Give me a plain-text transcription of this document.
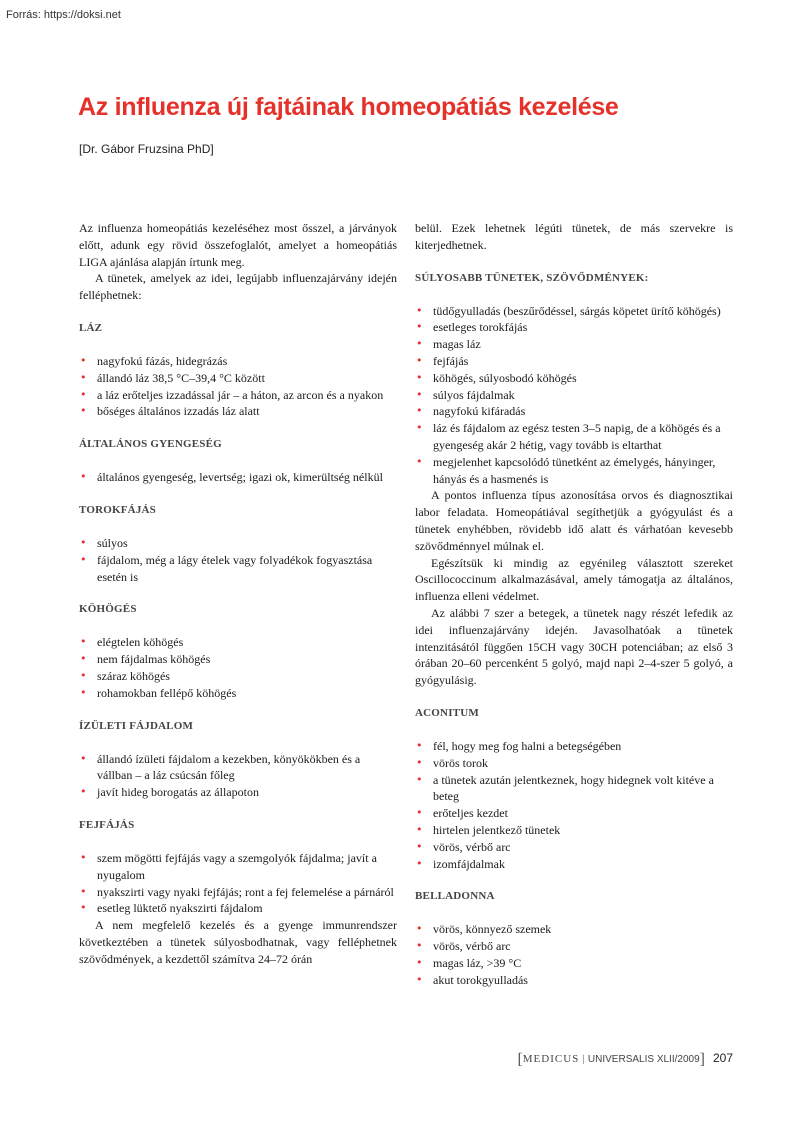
Forrás: https://doksi.net
Az influenza új fajtáinak homeopátiás kezelése
[Dr. Gábor Fruzsina PhD]

Az influenza homeopátiás kezeléséhez most ősszel, a járványok előtt, adunk egy rövid összefoglalót, amelyet a homeopátiás LIGA ajánlása alapján írtunk meg.

A tünetek, amelyek az idei, legújabb influenzajárvány idején felléphetnek:

LÁZ
• nagyfokú fázás, hidegrázás
• állandó láz 38,5 °C–39,4 °C között
• a láz erőteljes izzadással jár – a háton, az arcon és a nyakon
• bőséges általános izzadás láz alatt
ÁLTALÁNOS GYENGESÉG
• általános gyengeség, levertség; igazi ok, kimerültség nélkül
TOROKFÁJÁS
• súlyos
• fájdalom, még a lágy ételek vagy folyadékok fogyasztása esetén is
KÖHÖGÉS
• elégtelen köhögés
• nem fájdalmas köhögés
• száraz köhögés
• rohamokban fellépő köhögés
ÍZÜLETI FÁJDALOM
• állandó ízületi fájdalom a kezekben, könyökökben és a vállban – a láz csúcsán főleg
• javít hideg borogatás az állapoton
FEJFÁJÁS
• szem mögötti fejfájás vagy a szemgolyók fájdalma; javít a nyugalom
• nyakszirti vagy nyaki fejfájás; ront a fej felemelése a párnáról
• esetleg lüktető nyakszirti fájdalom

A nem megfelelő kezelés és a gyenge immunrendszer következtében a tünetek súlyosbodhatnak, vagy felléphetnek szövődmények, a kezdettől számítva 24–72 órán

belül. Ezek lehetnek légúti tünetek, de más szervekre is kiterjedhetnek.

SÚLYOSABB TÜNETEK, SZÖVŐDMÉNYEK:
• tüdőgyulladás (beszűrődéssel, sárgás köpetet ürítő köhögés)
• esetleges torokfájás
• magas láz
• fejfájás
• köhögés, súlyosbodó köhögés
• súlyos fájdalmak
• nagyfokú kifáradás
• láz és fájdalom az egész testen 3–5 napig, de a köhögés és a gyengeség akár 2 hétig, vagy tovább is eltarthat
• megjelenhet kapcsolódó tünetként az émelygés, hányinger, hányás és a hasmenés is

A pontos influenza típus azonosítása orvos és diagnosztikai labor feladata. Homeopátiával segíthetjük a gyógyulást és a tünetek enyhébben, rövidebb idő alatt és várhatóan kevesebb szövődménnyel múlnak el.

Egészítsük ki mindig az egyénileg választott szereket Oscillococcinum alkalmazásával, amely támogatja az általános, influenza elleni védelmet.

Az alábbi 7 szer a betegek, a tünetek nagy részét lefedik az idei influenzajárvány idején. Javasolhatóak a tünetek intenzitásától függően 15CH vagy 30CH potenciában; az első 3 órában 20–60 percenként 5 golyó, majd napi 2–4-szer 5 golyó, a gyógyulásig.

ACONITUM
• fél, hogy meg fog halni a betegségében
• vörös torok
• a tünetek azután jelentkeznek, hogy hidegnek volt kitéve a beteg
• erőteljes kezdet
• hirtelen jelentkező tünetek
• vörös, vérbő arc
• izomfájdalmak
BELLADONNA
• vörös, könnyező szemek
• vörös, vérbő arc
• magas láz, >39 °C
• akut torokgyulladás
[MEDICUS | UNIVERSALIS XLII/2009] 207
